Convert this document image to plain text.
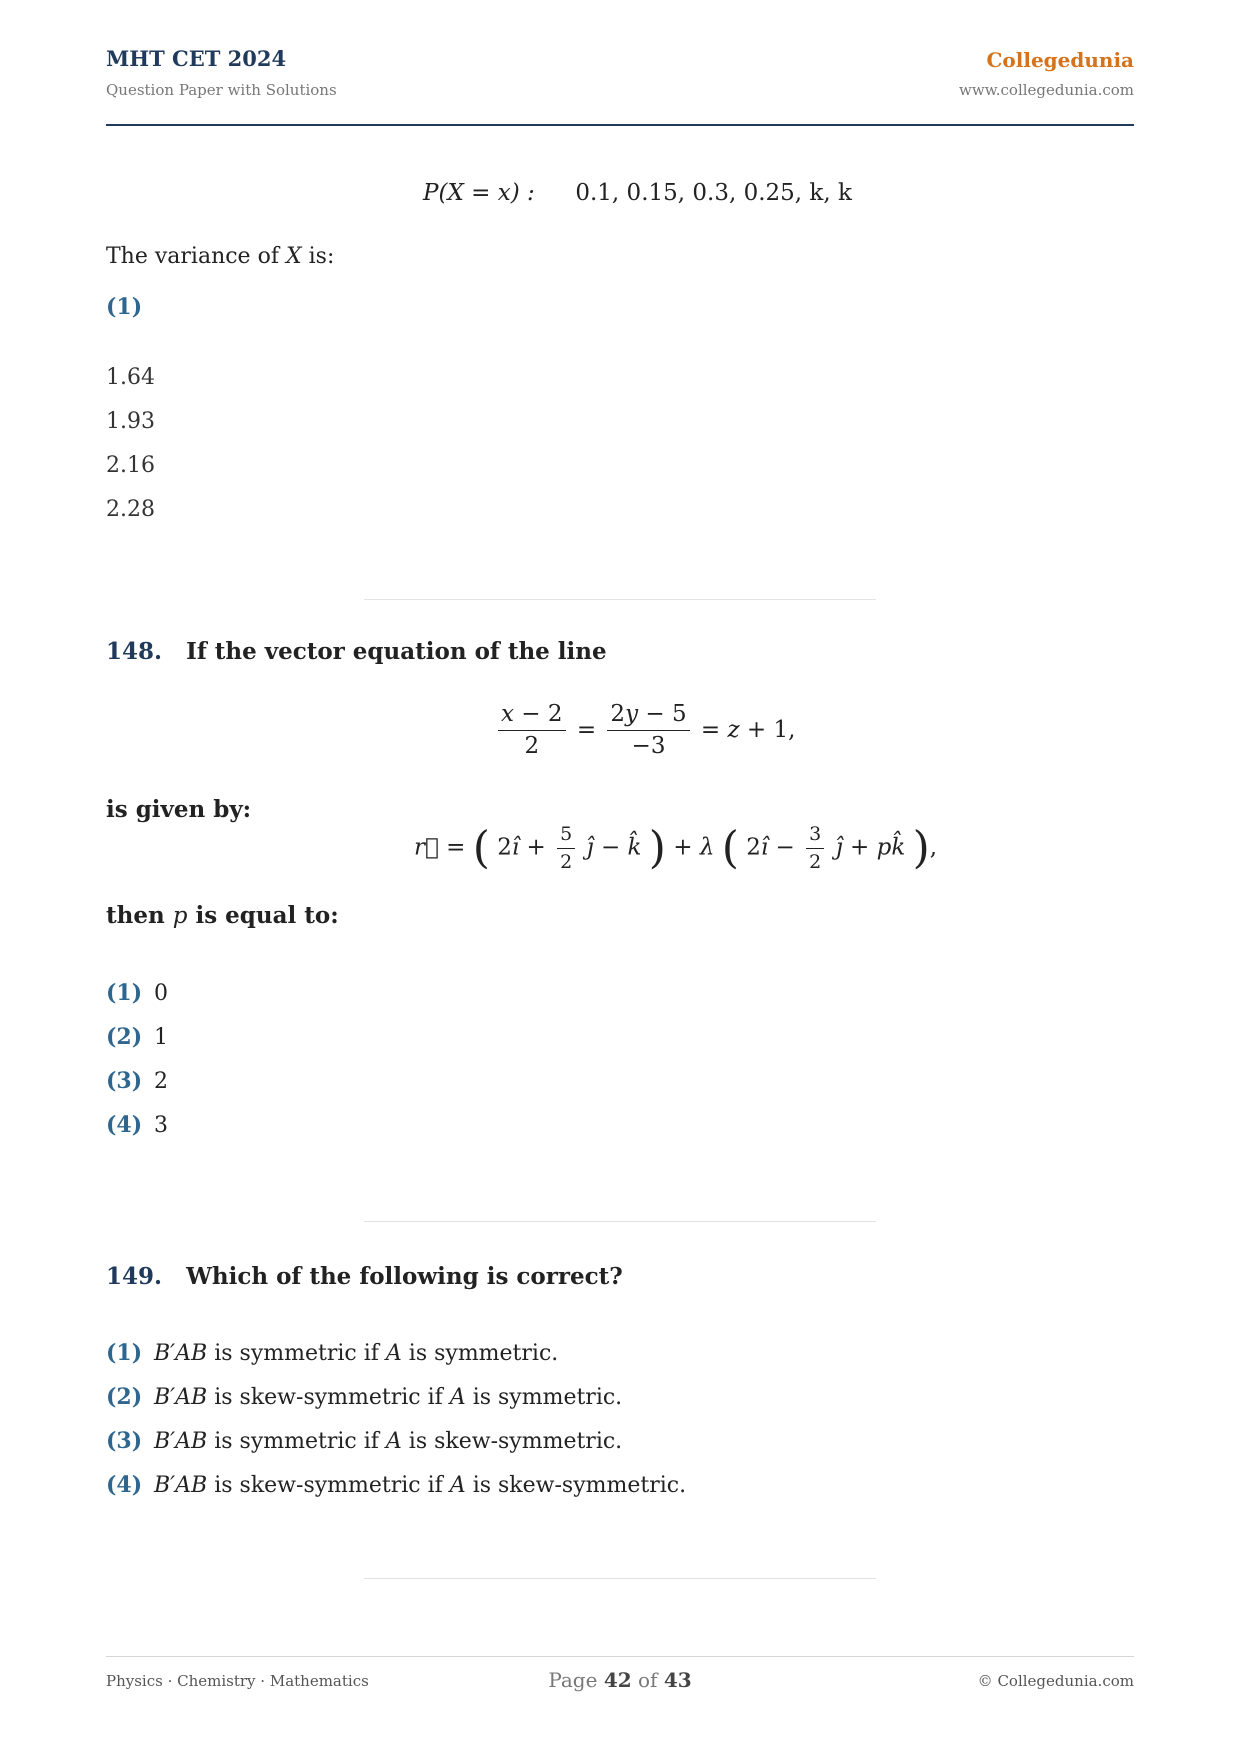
MHT CET 2024
Question Paper with Solutions
Collegedunia
www.collegedunia.com
P(X = x) : 0.1, 0.15, 0.3, 0.25, k, k
The variance of X is:
(1)
1.64
1.93
2.16
2.28
148. If the vector equation of the line
$\frac{x - 2}{2} = \frac{2y - 5}{-3} = z + 1$,
is given by:
r⃗ = ( 2î + $\frac{5}{2}$ ĵ − k̂ ) + λ ( 2î − $\frac{3}{2}$ ĵ + pk̂ ),
then p is equal to:
(1) 0
(2) 1
(3) 2
(4) 3
149. Which of the following is correct?
(1) B′AB is symmetric if A is symmetric.
(2) B′AB is skew-symmetric if A is symmetric.
(3) B′AB is symmetric if A is skew-symmetric.
(4) B′AB is skew-symmetric if A is skew-symmetric.
Physics · Chemistry · Mathematics	Page 42 of 43	© Collegedunia.com
